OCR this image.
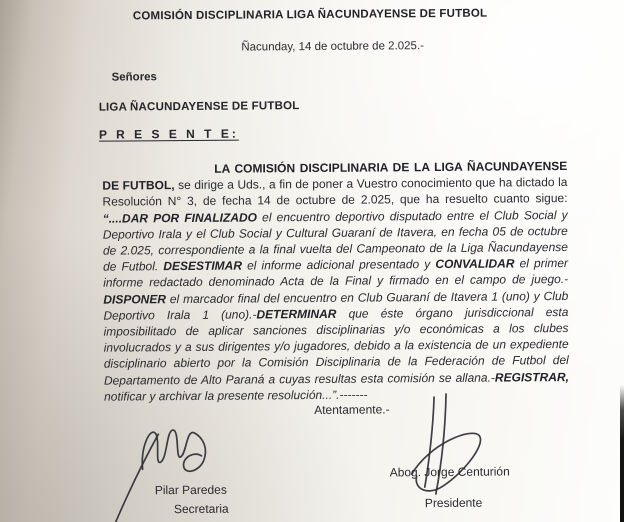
COMISIÓN DISCIPLINARIA LIGA ÑACUNDAYENSE DE FUTBOL
Ñacunday, 14 de octubre de 2.025.-
Señores
LIGA ÑACUNDAYENSE DE FUTBOL
P R E S E N T E:
LA COMISIÓN DISCIPLINARIA DE LA LIGA ÑACUNDAYENSE DE FUTBOL, se dirige a Uds., a fin de poner a Vuestro conocimiento que ha dictado la Resolución N° 3, de fecha 14 de octubre de 2.025, que ha resuelto cuanto sigue: “....DAR POR FINALIZADO el encuentro deportivo disputado entre el Club Social y Deportivo Irala y el Club Social y Cultural Guaraní de Itavera, en fecha 05 de octubre de 2.025, correspondiente a la final vuelta del Campeonato de la Liga Ñacundayense de Futbol. DESESTIMAR el informe adicional presentado y CONVALIDAR el primer informe redactado denominado Acta de la Final y firmado en el campo de juego.- DISPONER el marcador final del encuentro en Club Guaraní de Itavera 1 (uno) y Club Deportivo Irala 1 (uno).-DETERMINAR que éste órgano jurisdiccional esta imposibilitado de aplicar sanciones disciplinarias y/o económicas a los clubes involucrados y a sus dirigentes y/o jugadores, debido a la existencia de un expediente disciplinario abierto por la Comisión Disciplinaria de la Federación de Futbol del Departamento de Alto Paraná a cuyas resultas esta comisión se allana.-REGISTRAR, notificar y archivar la presente resolución...”.-------
Atentamente.-
Pilar Paredes
Secretaria
Abog. Jorge Centurión
Presidente
